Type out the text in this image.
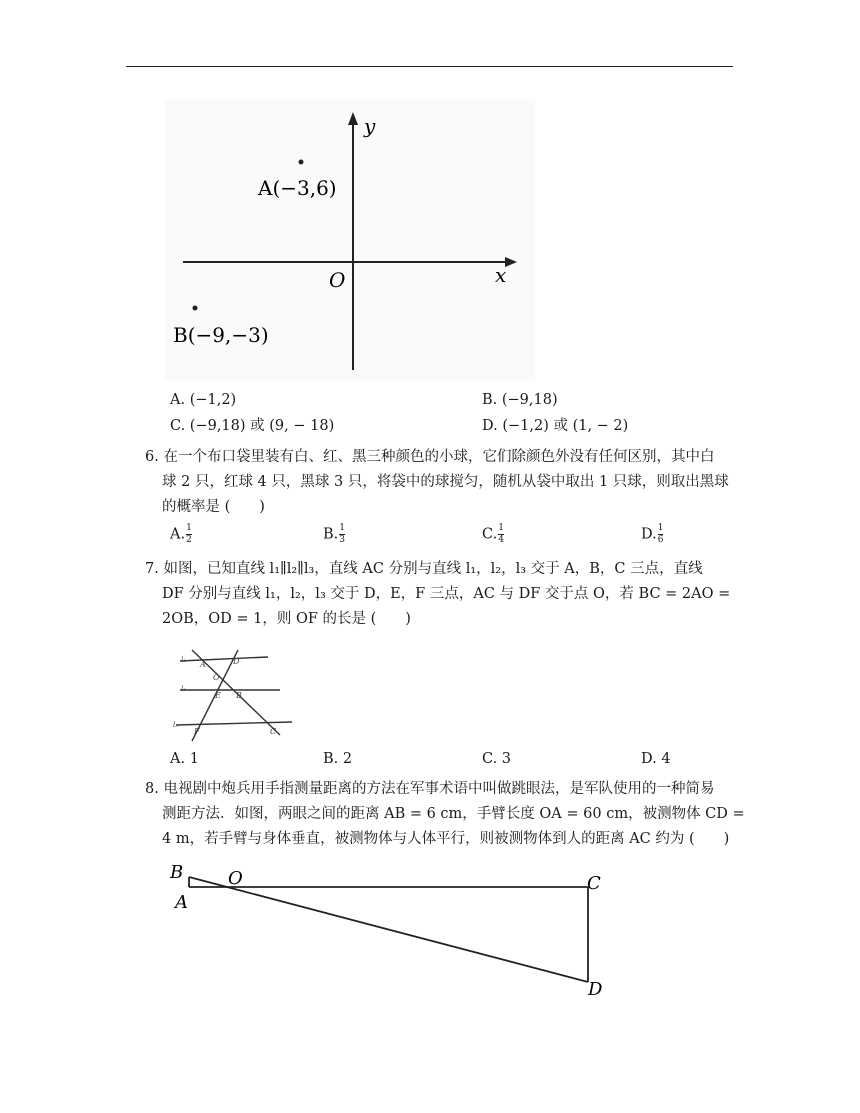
y
x
O
A(−3,6)
B(−9,−3)
A. (−1,2)	B. (−9,18)
C. (−9,18) 或 (9, − 18)	D. (−1,2) 或 (1, − 2)
6. 在一个布口袋里装有白、红、黑三种颜色的小球，它们除颜色外没有任何区别，其中白
球 2 只，红球 4 只，黑球 3 只，将袋中的球搅匀，随机从袋中取出 1 只球，则取出黑球
的概率是 (　　)
A. $\frac{1}{2}$	B. $\frac{1}{3}$	C. $\frac{1}{4}$	D. $\frac{1}{6}$
7. 如图，已知直线 l₁∥l₂∥l₃，直线 AC 分别与直线 l₁，l₂，l₃ 交于 A，B，C 三点，直线
DF 分别与直线 l₁，l₂，l₃ 交于 D，E，F 三点，AC 与 DF 交于点 O，若 BC = 2AO =
2OB，OD = 1，则 OF 的长是 (　　)
l₁
l₂
l₃
A	D
O
E B
F	C
A. 1	B. 2	C. 3	D. 4
8. 电视剧中炮兵用手指测量距离的方法在军事术语中叫做跳眼法，是军队使用的一种简易
测距方法．如图，两眼之间的距离 AB = 6 cm，手臂长度 OA = 60 cm，被测物体 CD =
4 m，若手臂与身体垂直，被测物体与人体平行，则被测物体到人的距离 AC 约为 (　　)
B O
A
C
D
